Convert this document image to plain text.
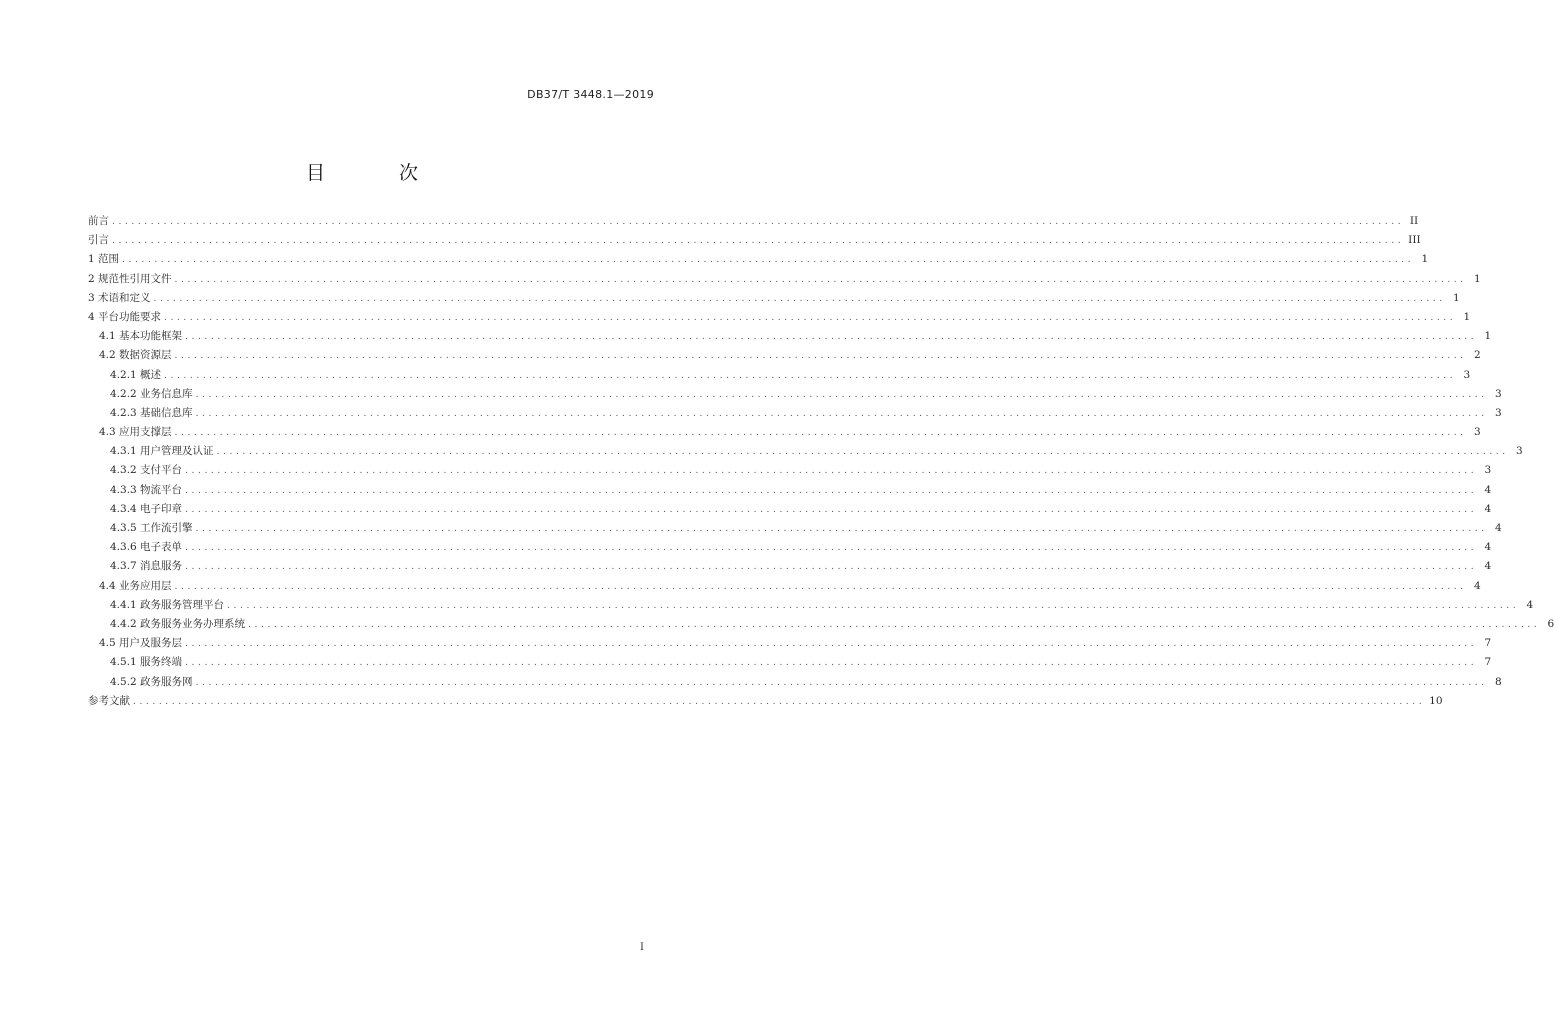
DB37/T 3448.1—2019
目 次
前言 ........................................................................................................................................................................................................ II
引言 ........................................................................................................................................................................................................ III
1 范围 ........................................................................................................................................................................................................ 1
2 规范性引用文件 ........................................................................................................................................................................................................ 1
3 术语和定义 ........................................................................................................................................................................................................ 1
4 平台功能要求 ........................................................................................................................................................................................................ 1
4.1 基本功能框架 ........................................................................................................................................................................................................ 1
4.2 数据资源层 ........................................................................................................................................................................................................ 2
4.2.1 概述 ........................................................................................................................................................................................................ 3
4.2.2 业务信息库 ........................................................................................................................................................................................................ 3
4.2.3 基础信息库 ........................................................................................................................................................................................................ 3
4.3 应用支撑层 ........................................................................................................................................................................................................ 3
4.3.1 用户管理及认证 ........................................................................................................................................................................................................ 3
4.3.2 支付平台 ........................................................................................................................................................................................................ 3
4.3.3 物流平台 ........................................................................................................................................................................................................ 4
4.3.4 电子印章 ........................................................................................................................................................................................................ 4
4.3.5 工作流引擎 ........................................................................................................................................................................................................ 4
4.3.6 电子表单 ........................................................................................................................................................................................................ 4
4.3.7 消息服务 ........................................................................................................................................................................................................ 4
4.4 业务应用层 ........................................................................................................................................................................................................ 4
4.4.1 政务服务管理平台 ........................................................................................................................................................................................................ 4
4.4.2 政务服务业务办理系统 ........................................................................................................................................................................................................ 6
4.5 用户及服务层 ........................................................................................................................................................................................................ 7
4.5.1 服务终端 ........................................................................................................................................................................................................ 7
4.5.2 政务服务网 ........................................................................................................................................................................................................ 8
参考文献 ........................................................................................................................................................................................................ 10
I
